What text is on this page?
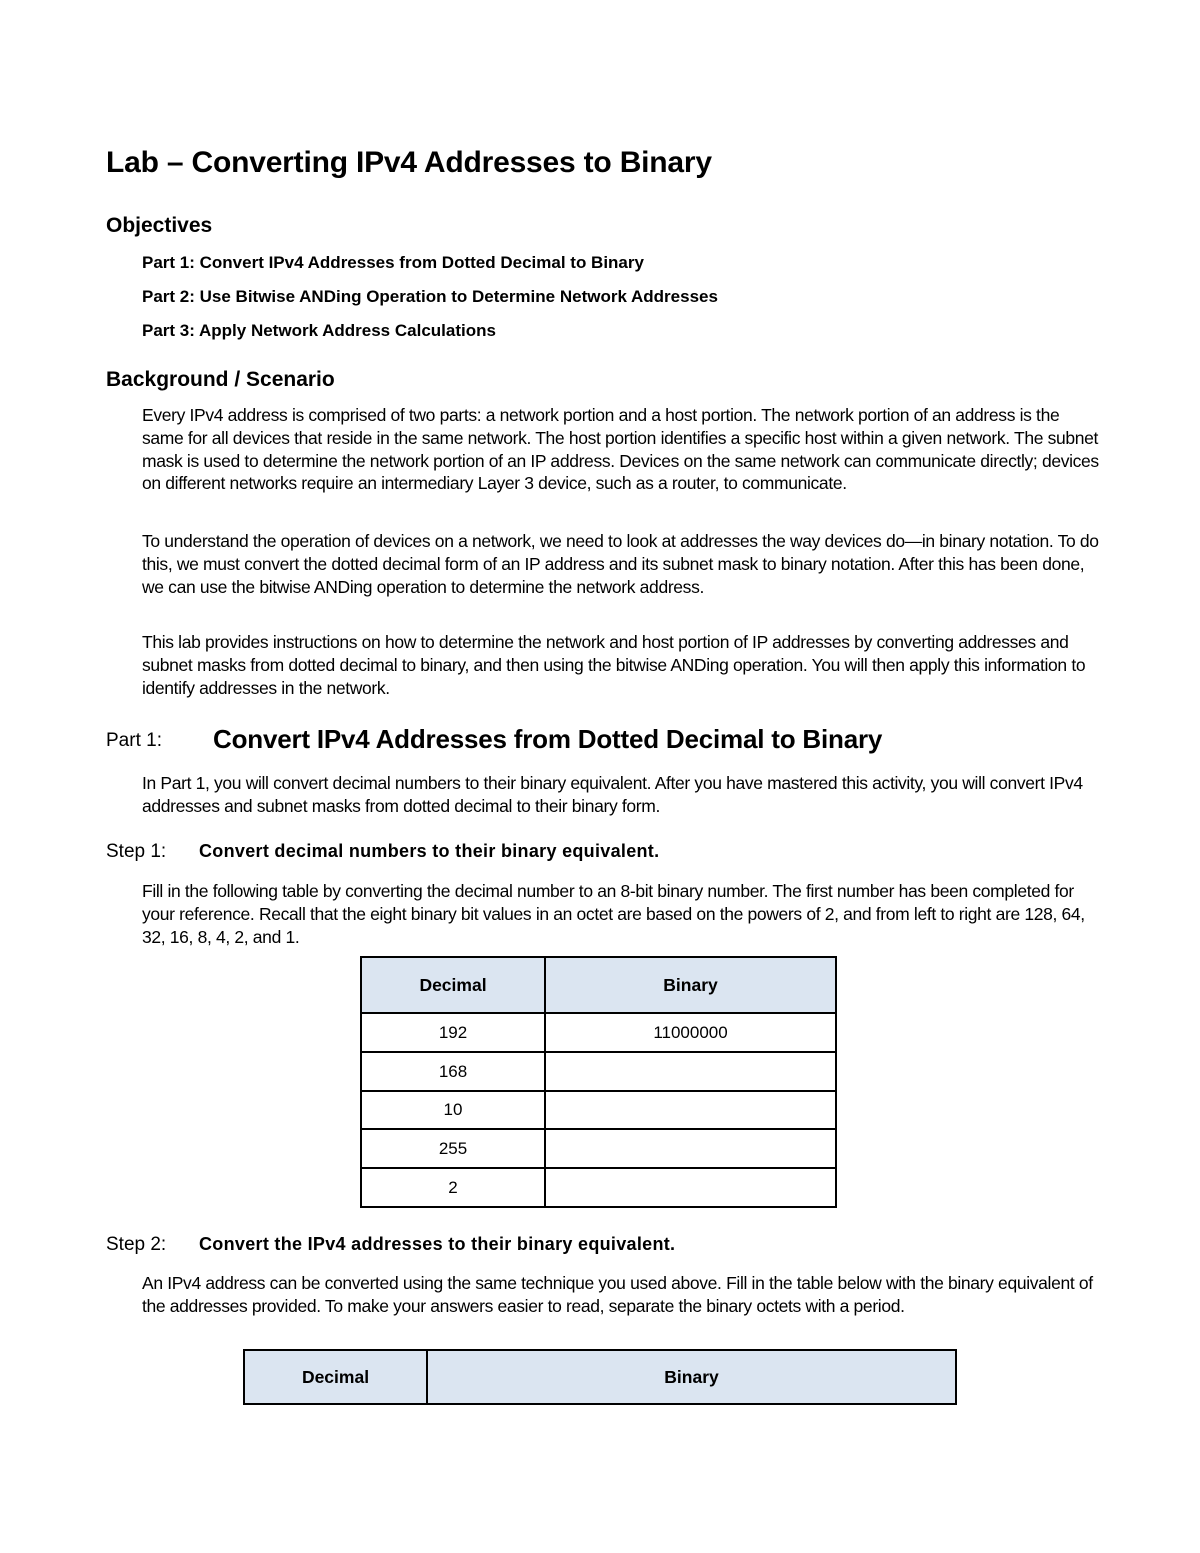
Lab – Converting IPv4 Addresses to Binary
Objectives
Part 1: Convert IPv4 Addresses from Dotted Decimal to Binary
Part 2: Use Bitwise ANDing Operation to Determine Network Addresses
Part 3: Apply Network Address Calculations
Background / Scenario
Every IPv4 address is comprised of two parts: a network portion and a host portion. The network portion of an address is the same for all devices that reside in the same network. The host portion identifies a specific host within a given network. The subnet mask is used to determine the network portion of an IP address. Devices on the same network can communicate directly; devices on different networks require an intermediary Layer 3 device, such as a router, to communicate.
To understand the operation of devices on a network, we need to look at addresses the way devices do—in binary notation. To do this, we must convert the dotted decimal form of an IP address and its subnet mask to binary notation. After this has been done, we can use the bitwise ANDing operation to determine the network address.
This lab provides instructions on how to determine the network and host portion of IP addresses by converting addresses and subnet masks from dotted decimal to binary, and then using the bitwise ANDing operation. You will then apply this information to identify addresses in the network.
Part 1: Convert IPv4 Addresses from Dotted Decimal to Binary
In Part 1, you will convert decimal numbers to their binary equivalent. After you have mastered this activity, you will convert IPv4 addresses and subnet masks from dotted decimal to their binary form.
Step 1: Convert decimal numbers to their binary equivalent.
Fill in the following table by converting the decimal number to an 8-bit binary number. The first number has been completed for your reference. Recall that the eight binary bit values in an octet are based on the powers of 2, and from left to right are 128, 64, 32, 16, 8, 4, 2, and 1.
Decimal	Binary
192	11000000
168	
10	
255	
2	
Step 2: Convert the IPv4 addresses to their binary equivalent.
An IPv4 address can be converted using the same technique you used above. Fill in the table below with the binary equivalent of the addresses provided. To make your answers easier to read, separate the binary octets with a period.
Decimal	Binary
